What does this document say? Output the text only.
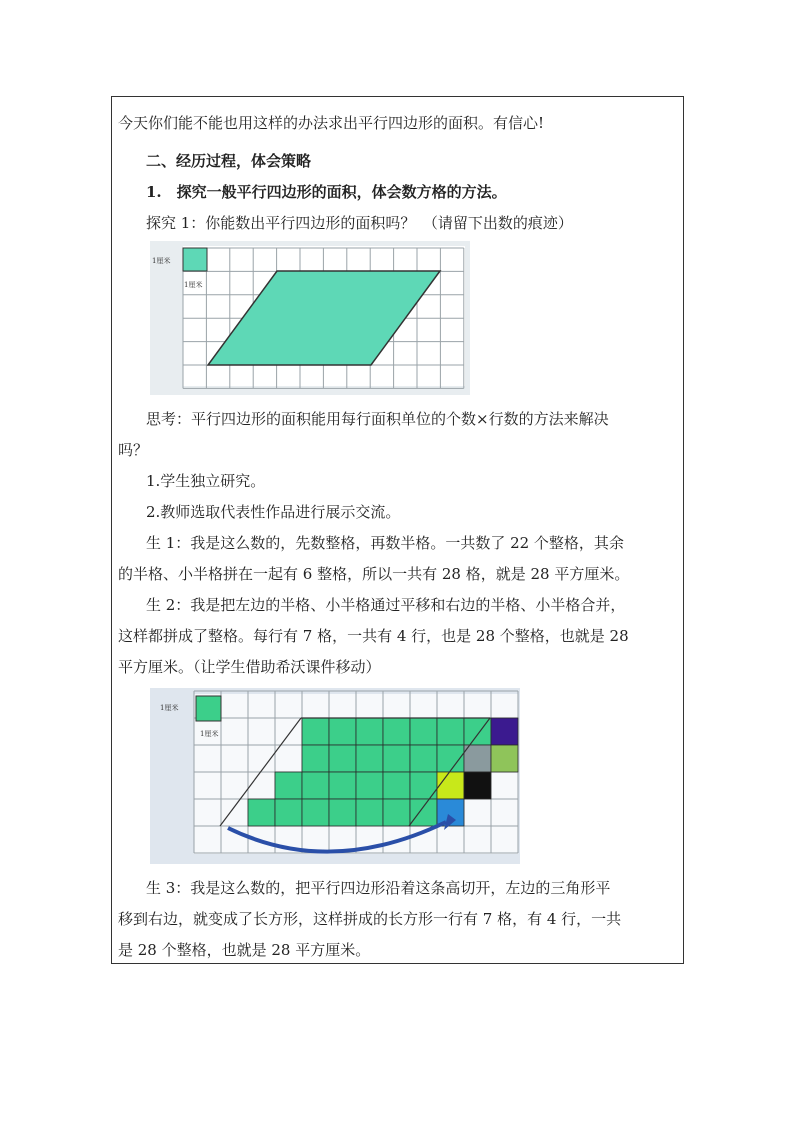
今天你们能不能也用这样的办法求出平行四边形的面积。有信心!
二、经历过程，体会策略
1.　探究一般平行四边形的面积，体会数方格的方法。
探究 1：你能数出平行四边形的面积吗？　（请留下出数的痕迹）
1厘米
1厘米
思考：平行四边形的面积能用每行面积单位的个数×行数的方法来解决
吗？
1.学生独立研究。
2.教师选取代表性作品进行展示交流。
生 1：我是这么数的，先数整格，再数半格。一共数了 22 个整格，其余
的半格、小半格拼在一起有 6 整格，所以一共有 28 格，就是 28 平方厘米。
生 2：我是把左边的半格、小半格通过平移和右边的半格、小半格合并，
这样都拼成了整格。每行有 7 格，一共有 4 行，也是 28 个整格，也就是 28
平方厘米。（让学生借助希沃课件移动）
1厘米
1厘米
生 3：我是这么数的，把平行四边形沿着这条高切开，左边的三角形平
移到右边，就变成了长方形，这样拼成的长方形一行有 7 格，有 4 行，一共
是 28 个整格，也就是 28 平方厘米。
